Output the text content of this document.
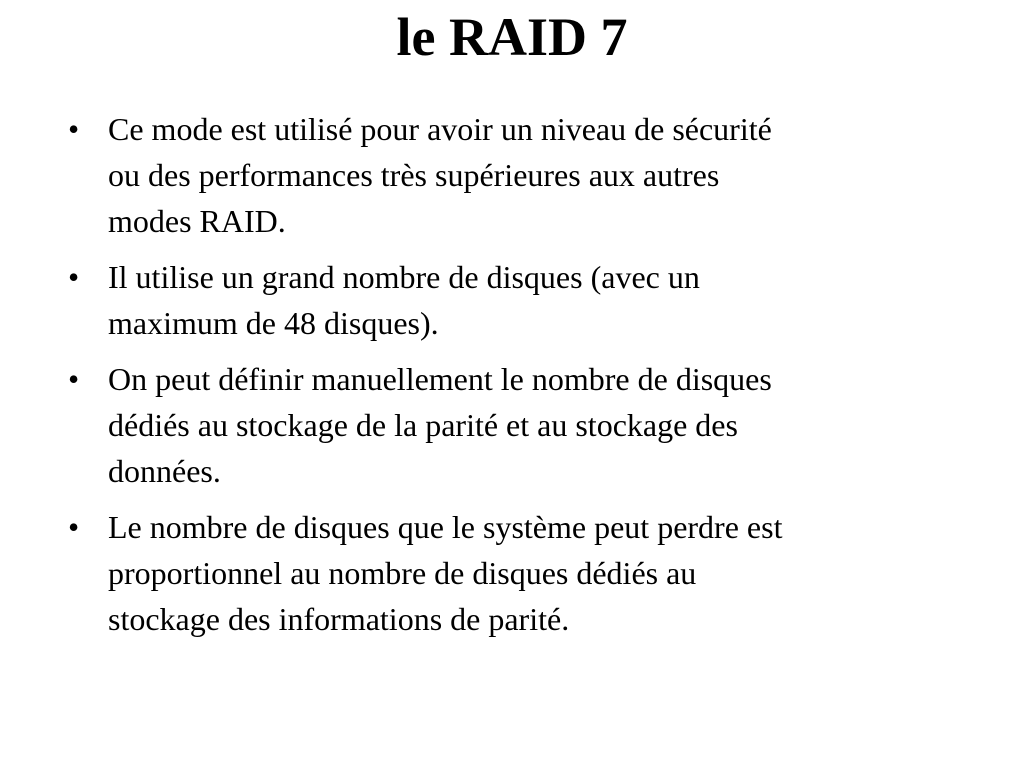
le RAID 7
• Ce mode est utilisé pour avoir un niveau de sécurité
ou des performances très supérieures aux autres
modes RAID.
• Il utilise un grand nombre de disques (avec un
maximum de 48 disques).
• On peut définir manuellement le nombre de disques
dédiés au stockage de la parité et au stockage des
données.
• Le nombre de disques que le système peut perdre est
proportionnel au nombre de disques dédiés au
stockage des informations de parité.
